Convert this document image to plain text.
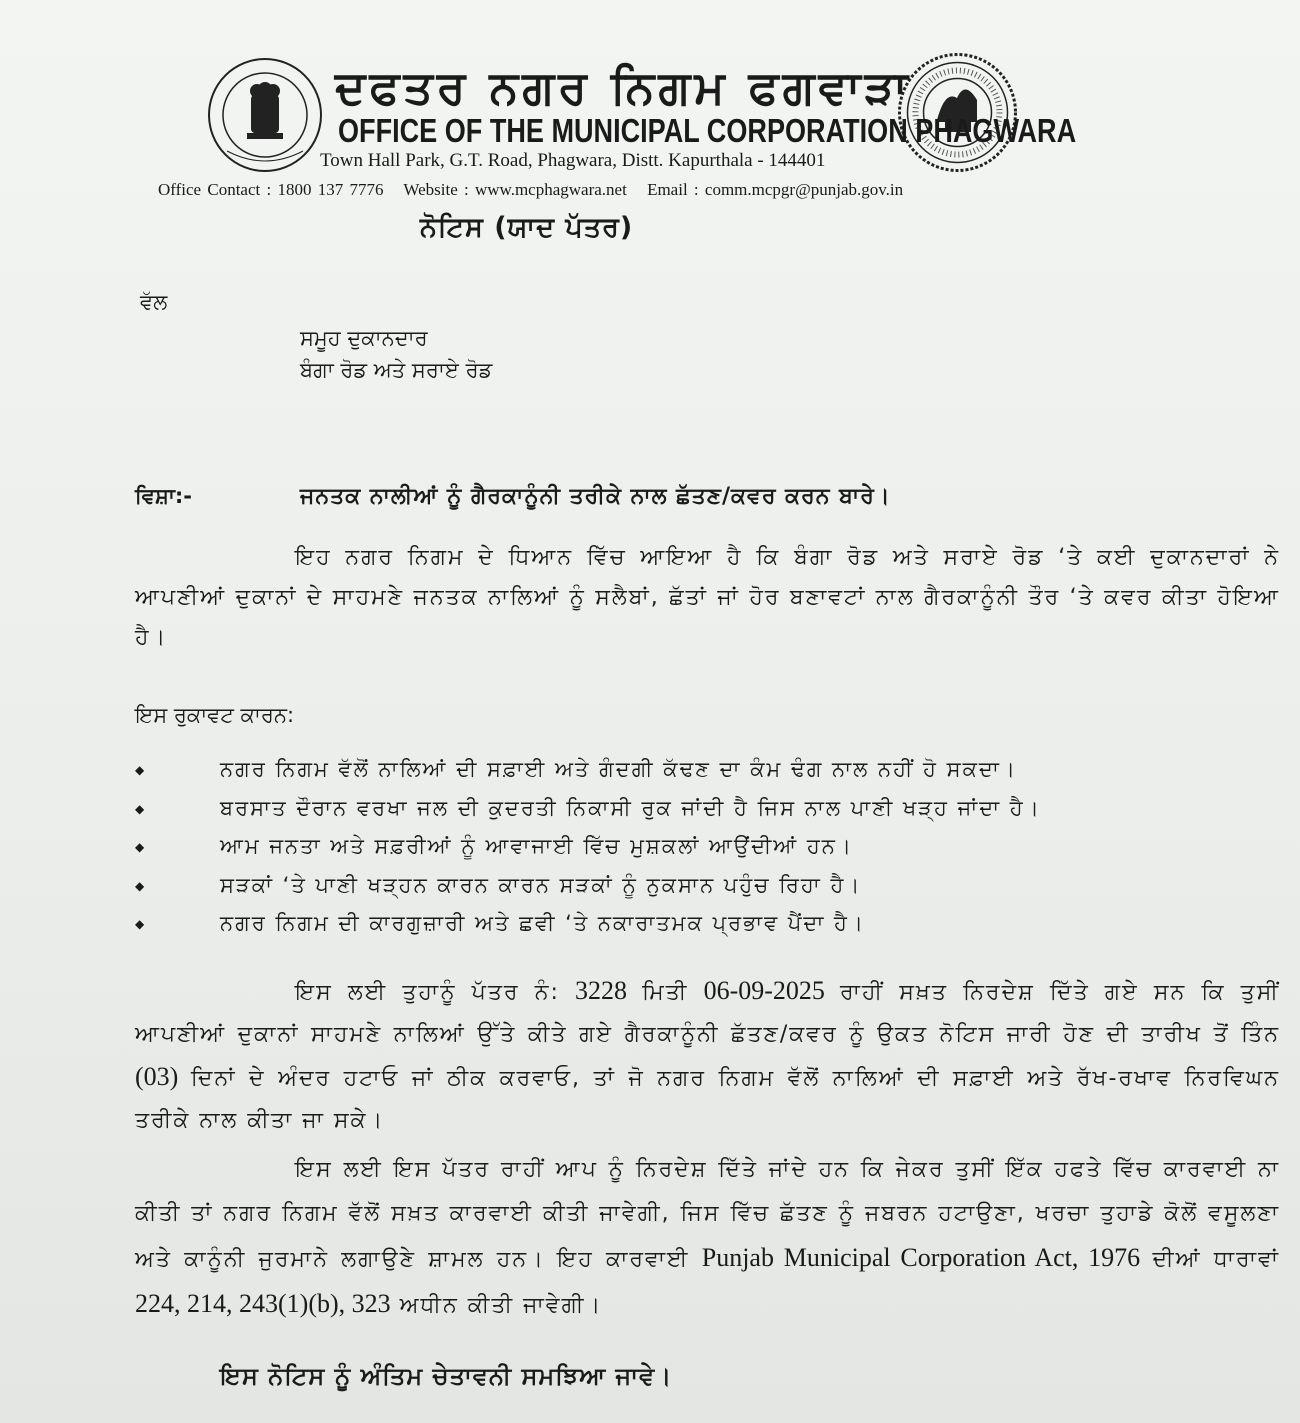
ਦਫਤਰ ਨਗਰ ਨਿਗਮ ਫਗਵਾੜਾ
OFFICE OF THE MUNICIPAL CORPORATION PHAGWARA
Town Hall Park, G.T. Road, Phagwara, Distt. Kapurthala - 144401
Office Contact : 1800 137 7776 Website : www.mcphagwara.net Email : comm.mcpgr@punjab.gov.in
ਨੋਟਿਸ (ਯਾਦ ਪੱਤਰ)
ਵੱਲ
ਸਮੂਹ ਦੁਕਾਨਦਾਰ
ਬੰਗਾ ਰੋਡ ਅਤੇ ਸਰਾਏ ਰੋਡ
ਵਿਸ਼ਾ:-	ਜਨਤਕ ਨਾਲੀਆਂ ਨੂੰ ਗੈਰਕਾਨੂੰਨੀ ਤਰੀਕੇ ਨਾਲ ਛੱਤਣ/ਕਵਰ ਕਰਨ ਬਾਰੇ।
ਇਹ ਨਗਰ ਨਿਗਮ ਦੇ ਧਿਆਨ ਵਿੱਚ ਆਇਆ ਹੈ ਕਿ ਬੰਗਾ ਰੋਡ ਅਤੇ ਸਰਾਏ ਰੋਡ ‘ਤੇ ਕਈ ਦੁਕਾਨਦਾਰਾਂ ਨੇ ਆਪਣੀਆਂ ਦੁਕਾਨਾਂ ਦੇ ਸਾਹਮਣੇ ਜਨਤਕ ਨਾਲਿਆਂ ਨੂੰ ਸਲੈਬਾਂ, ਛੱਤਾਂ ਜਾਂ ਹੋਰ ਬਣਾਵਟਾਂ ਨਾਲ ਗੈਰਕਾਨੂੰਨੀ ਤੌਰ ‘ਤੇ ਕਵਰ ਕੀਤਾ ਹੋਇਆ ਹੈ।
ਇਸ ਰੁਕਾਵਟ ਕਾਰਨ:
◆	ਨਗਰ ਨਿਗਮ ਵੱਲੋਂ ਨਾਲਿਆਂ ਦੀ ਸਫ਼ਾਈ ਅਤੇ ਗੰਦਗੀ ਕੱਢਣ ਦਾ ਕੰਮ ਢੰਗ ਨਾਲ ਨਹੀਂ ਹੋ ਸਕਦਾ।
◆	ਬਰਸਾਤ ਦੌਰਾਨ ਵਰਖਾ ਜਲ ਦੀ ਕੁਦਰਤੀ ਨਿਕਾਸੀ ਰੁਕ ਜਾਂਦੀ ਹੈ ਜਿਸ ਨਾਲ ਪਾਣੀ ਖੜ੍ਹ ਜਾਂਦਾ ਹੈ।
◆	ਆਮ ਜਨਤਾ ਅਤੇ ਸਫ਼ਰੀਆਂ ਨੂੰ ਆਵਾਜਾਈ ਵਿੱਚ ਮੁਸ਼ਕਲਾਂ ਆਉਂਦੀਆਂ ਹਨ।
◆	ਸੜਕਾਂ ‘ਤੇ ਪਾਣੀ ਖੜ੍ਹਨ ਕਾਰਨ ਕਾਰਨ ਸੜਕਾਂ ਨੂੰ ਨੁਕਸਾਨ ਪਹੁੰਚ ਰਿਹਾ ਹੈ।
◆	ਨਗਰ ਨਿਗਮ ਦੀ ਕਾਰਗੁਜ਼ਾਰੀ ਅਤੇ ਛਵੀ ‘ਤੇ ਨਕਾਰਾਤਮਕ ਪ੍ਰਭਾਵ ਪੈਂਦਾ ਹੈ।
ਇਸ ਲਈ ਤੁਹਾਨੂੰ ਪੱਤਰ ਨੰ: 3228 ਮਿਤੀ 06-09-2025 ਰਾਹੀਂ ਸਖ਼ਤ ਨਿਰਦੇਸ਼ ਦਿੱਤੇ ਗਏ ਸਨ ਕਿ ਤੁਸੀਂ ਆਪਣੀਆਂ ਦੁਕਾਨਾਂ ਸਾਹਮਣੇ ਨਾਲਿਆਂ ਉੱਤੇ ਕੀਤੇ ਗਏ ਗੈਰਕਾਨੂੰਨੀ ਛੱਤਣ/ਕਵਰ ਨੂੰ ਉਕਤ ਨੋਟਿਸ ਜਾਰੀ ਹੋਣ ਦੀ ਤਾਰੀਖ ਤੋਂ ਤਿੰਨ (03) ਦਿਨਾਂ ਦੇ ਅੰਦਰ ਹਟਾਓ ਜਾਂ ਠੀਕ ਕਰਵਾਓ, ਤਾਂ ਜੋ ਨਗਰ ਨਿਗਮ ਵੱਲੋਂ ਨਾਲਿਆਂ ਦੀ ਸਫ਼ਾਈ ਅਤੇ ਰੱਖ-ਰਖਾਵ ਨਿਰਵਿਘਨ ਤਰੀਕੇ ਨਾਲ ਕੀਤਾ ਜਾ ਸਕੇ।
ਇਸ ਲਈ ਇਸ ਪੱਤਰ ਰਾਹੀਂ ਆਪ ਨੂੰ ਨਿਰਦੇਸ਼ ਦਿੱਤੇ ਜਾਂਦੇ ਹਨ ਕਿ ਜੇਕਰ ਤੁਸੀਂ ਇੱਕ ਹਫਤੇ ਵਿੱਚ ਕਾਰਵਾਈ ਨਾ ਕੀਤੀ ਤਾਂ ਨਗਰ ਨਿਗਮ ਵੱਲੋਂ ਸਖ਼ਤ ਕਾਰਵਾਈ ਕੀਤੀ ਜਾਵੇਗੀ, ਜਿਸ ਵਿੱਚ ਛੱਤਣ ਨੂੰ ਜਬਰਨ ਹਟਾਉਣਾ, ਖਰਚਾ ਤੁਹਾਡੇ ਕੋਲੋਂ ਵਸੂਲਣਾ ਅਤੇ ਕਾਨੂੰਨੀ ਜੁਰਮਾਨੇ ਲਗਾਉਣੇ ਸ਼ਾਮਲ ਹਨ। ਇਹ ਕਾਰਵਾਈ Punjab Municipal Corporation Act, 1976 ਦੀਆਂ ਧਾਰਾਵਾਂ 224, 214, 243(1)(b), 323 ਅਧੀਨ ਕੀਤੀ ਜਾਵੇਗੀ।
ਇਸ ਨੋਟਿਸ ਨੂੰ ਅੰਤਿਮ ਚੇਤਾਵਨੀ ਸਮਝਿਆ ਜਾਵੇ।
